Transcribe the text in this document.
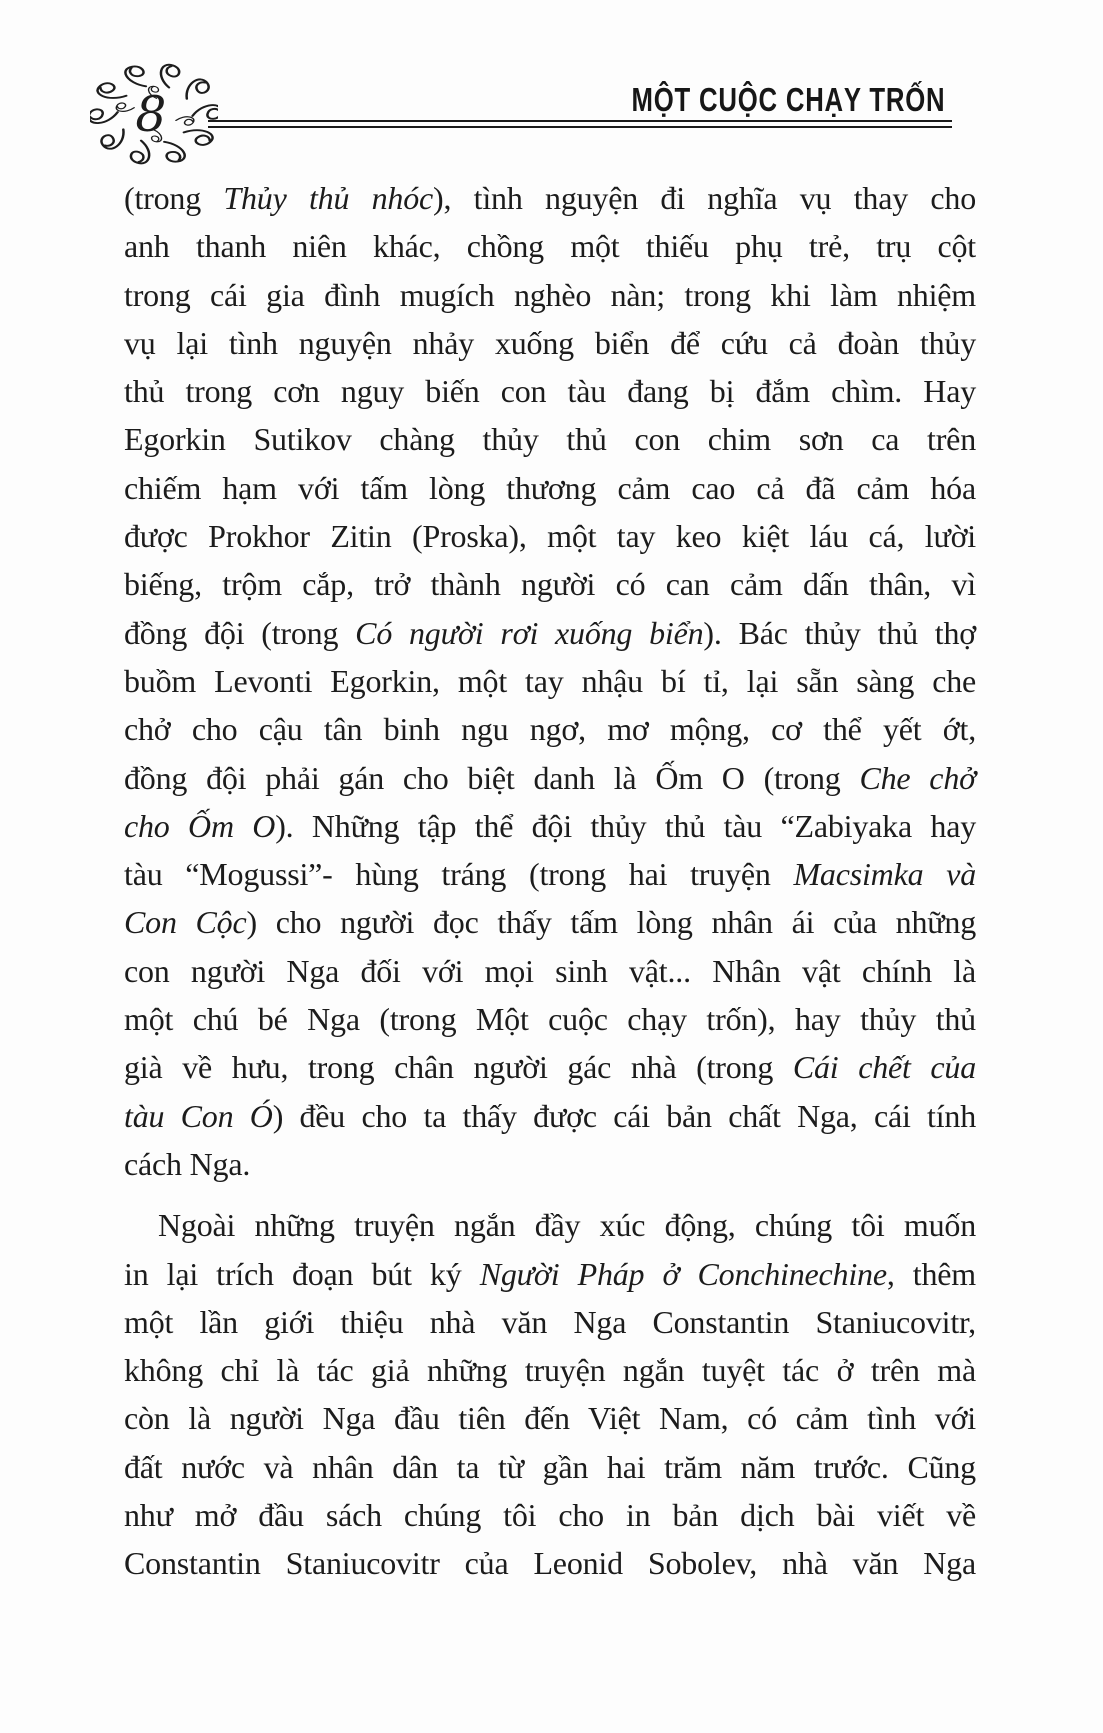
8	MỘT CUỘC CHẠY TRỐN
(trong Thủy thủ nhóc), tình nguyện đi nghĩa vụ thay cho
anh thanh niên khác, chồng một thiếu phụ trẻ, trụ cột
trong cái gia đình mugích nghèo nàn; trong khi làm nhiệm
vụ lại tình nguyện nhảy xuống biển để cứu cả đoàn thủy
thủ trong cơn nguy biến con tàu đang bị đắm chìm. Hay
Egorkin Sutikov chàng thủy thủ con chim sơn ca trên
chiếm hạm với tấm lòng thương cảm cao cả đã cảm hóa
được Prokhor Zitin (Proska), một tay keo kiệt láu cá, lười
biếng, trộm cắp, trở thành người có can cảm dấn thân, vì
đồng đội (trong Có người rơi xuống biển). Bác thủy thủ thợ
buồm Levonti Egorkin, một tay nhậu bí tỉ, lại sẵn sàng che
chở cho cậu tân binh ngu ngơ, mơ mộng, cơ thể yết ớt,
đồng đội phải gán cho biệt danh là Ốm O (trong Che chở
cho Ốm O). Những tập thể đội thủy thủ tàu “Zabiyaka hay
tàu “Mogussi”- hùng tráng (trong hai truyện Macsimka và
Con Cộc) cho người đọc thấy tấm lòng nhân ái của những
con người Nga đối với mọi sinh vật... Nhân vật chính là
một chú bé Nga (trong Một cuộc chạy trốn), hay thủy thủ
già về hưu, trong chân người gác nhà (trong Cái chết của
tàu Con Ó) đều cho ta thấy được cái bản chất Nga, cái tính
cách Nga.
Ngoài những truyện ngắn đầy xúc động, chúng tôi muốn
in lại trích đoạn bút ký Người Pháp ở Conchinechine, thêm
một lần giới thiệu nhà văn Nga Constantin Staniucovitr,
không chỉ là tác giả những truyện ngắn tuyệt tác ở trên mà
còn là người Nga đầu tiên đến Việt Nam, có cảm tình với
đất nước và nhân dân ta từ gần hai trăm năm trước. Cũng
như mở đầu sách chúng tôi cho in bản dịch bài viết về
Constantin Staniucovitr của Leonid Sobolev, nhà văn Nga
